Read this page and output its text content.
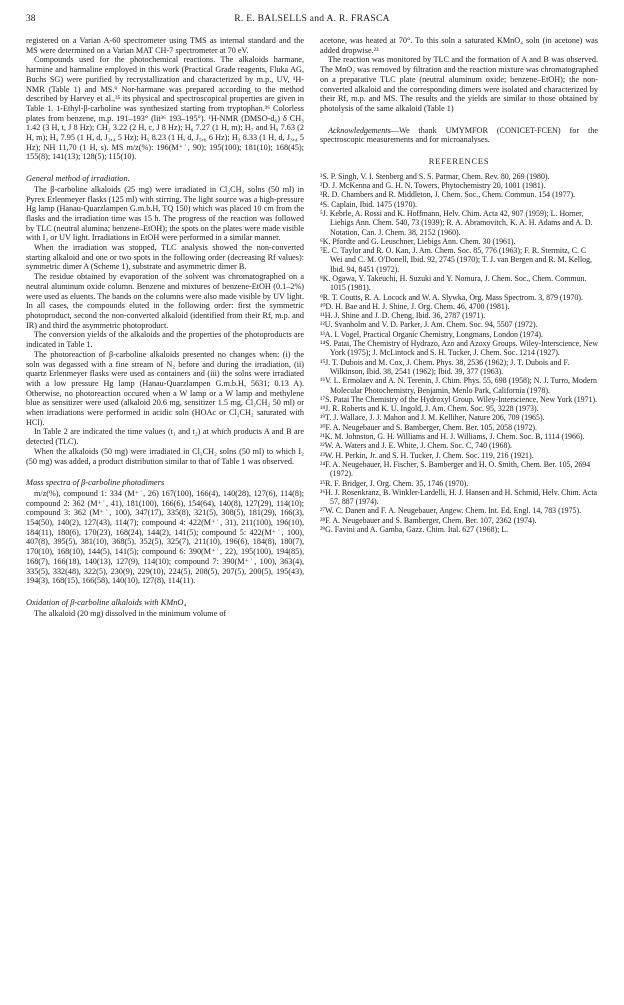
38	R. E. BALSELLS and A. R. FRASCA

registered on a Varian A-60 spectrometer using TMS as internal standard and the MS were determined on a Varian MAT CH-7 spectrometer at 70 eV.

Compounds used for the photochemical reactions. The alkaloids harmane, harmine and harmaline employed in this work (Practical Grade reagents, Fluka AG, Buchs SG) were purified by recrystallization and characterized by m.p., UV, ¹H-NMR (Table 1) and MS.⁹ Nor-harmane was prepared according to the method described by Harvey et al.,³⁵ its physical and spectroscopical properties are given in Table 1. 1-Ethyl-β-carboline was synthesized starting from tryptophan.³⁶ Colorless plates from benzene, m.p. 191–193° (lit³⁶ 193–195°). ¹H-NMR (DMSO-d₆) δ CH₃ 1.42 (3 H, t, J 8 Hz); CH₂ 3.22 (2 H, c, J 8 Hz); H₆ 7.27 (1 H, m); H₇ and H₈ 7.63 (2 H, m); H₄ 7.95 (1 H, d, J₃,₄ 5 Hz); H₅ 8.23 (1 H, d, J₅,₆ 6 Hz); H₃ 8.33 (1 H, d, J₃,₄ 5 Hz); NH 11,70 (1 H, s). MS m/z(%): 196(M⁺˙, 90); 195(100); 181(10); 168(45); 155(8); 141(13); 128(5); 115(10).

General method of irradiation.

The β-carboline alkaloids (25 mg) were irradiated in Cl₂CH₂ solns (50 ml) in Pyrex Erlenmeyer flasks (125 ml) with stirring. The light source was a high-pressure Hg lamp (Hanau-Quarzlampen G.m.b.H, TQ 150) which was placed 10 cm from the flasks and the irradiation time was 15 h. The progress of the reaction was followed by TLC (neutral alumina; benzene–EtOH); the spots on the plates were made visible with I₂ or UV light. Irradiations in EtOH were performed in a similar manner.

When the irradiation was stopped, TLC analysis showed the non-converted starting alkaloid and one or two spots in the following order (decreasing Rf values): symmetric dimer A (Scheme 1), substrate and asymmetric dimer B.

The residue obtained by evaporation of the solvent was chromatographed on a neutral aluminum oxide column. Benzene and mixtures of benzene-EtOH (0.1–2%) were used as eluents. The bands on the columns were also made visible by UV light. In all cases, the compounds eluted in the following order: first the symmetric photoproduct, second the non-converted alkaloid (identified from their Rf, m.p. and IR) and third the asymmetric photoproduct.

The conversion yields of the alkaloids and the properties of the photoproducts are indicated in Table 1.

The photoreaction of β-carboline alkaloids presented no changes when: (i) the soln was degassed with a fine stream of N₂ before and during the irradiation, (ii) quartz Erlenmeyer flasks were used as containers and (iii) the solns were irradiated with a low pressure Hg lamp (Hanau-Quarzlampen G.m.b.H, 5631; 0.13 A). Otherwise, no photoreaction occured when a W lamp or a W lamp and methylene blue as sensitizer were used (alkaloid 20.6 mg, sensitizer 1.5 mg, Cl₂CH₂ 50 ml) or when irradiations were performed in acidic soln (HOAc or Cl₂CH₂ saturated with HCl).

In Table 2 are indicated the time values (t₁ and t₂) at which products A and B are detected (TLC).

When the alkaloids (50 mg) were irradiated in Cl₂CH₂ solns (50 ml) to which I₂ (50 mg) was added, a product distribution similar to that of Table 1 was observed.

Mass spectra of β-carboline photodimers

m/z(%), compound 1: 334 (M⁺˙, 26) 167(100), 166(4), 140(28), 127(6), 114(8); compound 2: 362 (M⁺˙, 41), 181(100), 166(6), 154(64), 140(8), 127(29), 114(10); compound 3: 362 (M⁺˙, 100), 347(17), 335(8), 321(5), 308(5), 181(29), 166(3), 154(50), 140(2), 127(43), 114(7); compound 4: 422(M⁺˙, 31), 211(100), 196(10), 184(11), 180(6), 170(23), 168(24), 144(2), 141(5); compound 5: 422(M⁺˙, 100), 407(8), 395(5), 381(10), 368(5), 352(5), 325(7), 211(10), 196(6), 184(8), 180(7), 170(10), 168(10), 144(5), 141(5); compound 6: 390(M⁺˙, 22), 195(100), 194(85), 168(7), 166(18), 140(13), 127(9), 114(10); compound 7: 390(M⁺˙, 100), 363(4), 335(5), 332(48), 322(5), 230(9), 229(10), 224(5), 208(5), 207(5), 200(5), 195(43), 194(3), 168(15), 166(58), 140(10), 127(8), 114(11).

Oxidation of β-carboline alkaloids with KMnO₄

The alkaloid (20 mg) dissolved in the minimum volume of

acetone, was heated at 70°. To this soln a saturated KMnO₄ soln (in acetone) was added dropwise.²³

The reaction was monitored by TLC and the formation of A and B was observed. The MnO₂ was removed by filtration and the reaction mixture was chromatographed on a preparative TLC plate (neutral aluminum oxide; benzene–EtOH); the non-converted alkaloid and the corresponding dimers were isolated and characterized by their Rf, m.p. and MS. The results and the yields are similar to those obtained by photolysis of the same alkaloid (Table 1)

Acknowledgements—We thank UMYMFOR (CONICET-FCEN) for the spectroscopic measurements and for microanalyses.

REFERENCES

¹S. P. Singh, V. I. Stenberg and S. S. Parmar, Chem. Rev. 80, 269 (1980).

²D. J. McKenna and G. H. N. Towers, Phytochemistry 20, 1001 (1981).

³R. D. Chambers and R. Middleton, J. Chem. Soc., Chem. Commun. 154 (1977).

⁴S. Caplain, Ibid. 1475 (1970).

⁵J. Kebrle, A. Rossi and K. Hoffmann, Helv. Chim. Acta 42, 907 (1959); L. Horner, Liebigs Ann. Chem. 540, 73 (1939); R. A. Abramovitch, K. A. H. Adams and A. D. Notation, Can. J. Chem. 38, 2152 (1960).

⁶K. Pfordte and G. Leuschner, Liebigs Ann. Chem. 30 (1961).

⁷E. C. Taylor and R. O. Kan, J. Am. Chem. Soc. 85, 776 (1963); F. R. Stermitz, C. C Wei and C. M. O'Donell, Ibid. 92, 2745 (1970); T. J. van Bergen and R. M. Kellog, Ibid. 94, 8451 (1972).

⁸K. Ogawa, Y. Takeuchi, H. Suzuki and Y. Nomura, J. Chem. Soc., Chem. Commun. 1015 (1981).

⁹R. T. Coutts, R. A. Locock and W. A. Slywka, Org. Mass Spectrom. 3, 879 (1970).

¹⁰D. H. Bae and H. J. Shine, J. Org. Chem. 46, 4700 (1981).

¹¹H. J. Shine and J. D. Cheng, Ibid. 36, 2787 (1971).

¹²U. Svanholm and V. D. Parker, J. Am. Chem. Soc. 94, 5507 (1972).

¹³A. I. Vogel, Practical Organic Chemistry, Longmans, London (1974).

¹⁴S. Patai, The Chemistry of Hydrazo, Azo and Azoxy Groups. Wiley-Interscience, New York (1975); J. McLintock and S. H. Tucker, J. Chem. Soc. 1214 (1927).

¹⁵J. T. Dubois and M. Cox, J. Chem. Phys. 38, 2536 (1962); J. T. Dubois and F. Wilkinson, Ibid. 38, 2541 (1962); Ibid. 39, 377 (1963).

¹⁶V. L. Ermolaev and A. N. Terenin, J. Chim. Phys. 55, 698 (1958); N. J. Turro, Modern Molecular Photochemistry, Benjamin, Menlo Park, California (1978).

¹⁷S. Patai The Chemistry of the Hydroxyl Group. Wiley-Interscience, New York (1971).

¹⁸J. R. Roberts and K. U. Ingold, J. Am. Chem. Soc. 95, 3228 (1973).

¹⁹T. J. Wallace, J. J. Mahon and J. M. Kelliher, Nature 206, 709 (1965).

²⁰F. A. Neugebauer and S. Bamberger, Chem. Ber. 105, 2058 (1972).

²¹K. M. Johnston, G. H. Williams and H. J. Williams, J. Chem. Soc. B, 1114 (1966).

²²W. A. Waters and J. E. White, J. Chem. Soc. C, 740 (1968).

²³W. H. Perkin, Jr. and S. H. Tucker, J. Chem. Soc. 119, 216 (1921).

²⁴F. A. Neugebauer, H. Fischer, S. Bamberger and H. O. Smith, Chem. Ber. 105, 2694 (1972).

²⁵R. F. Bridger, J. Org. Chem. 35, 1746 (1970).

²⁶H. J. Rosenkranz, B. Winkler-Lardelli, H. J. Hansen and H. Schmid, Helv. Chim. Acta 57, 887 (1974).

²⁷W. C. Danen and F. A. Neugebauer, Angew. Chem. Int. Ed. Engl. 14, 783 (1975).

²⁸F. A. Neugebauer and S. Bamberger, Chem. Ber. 107, 2362 (1974).

²⁹G. Favini and A. Gamba, Gazz. Chim. Ital. 627 (1968); L.
